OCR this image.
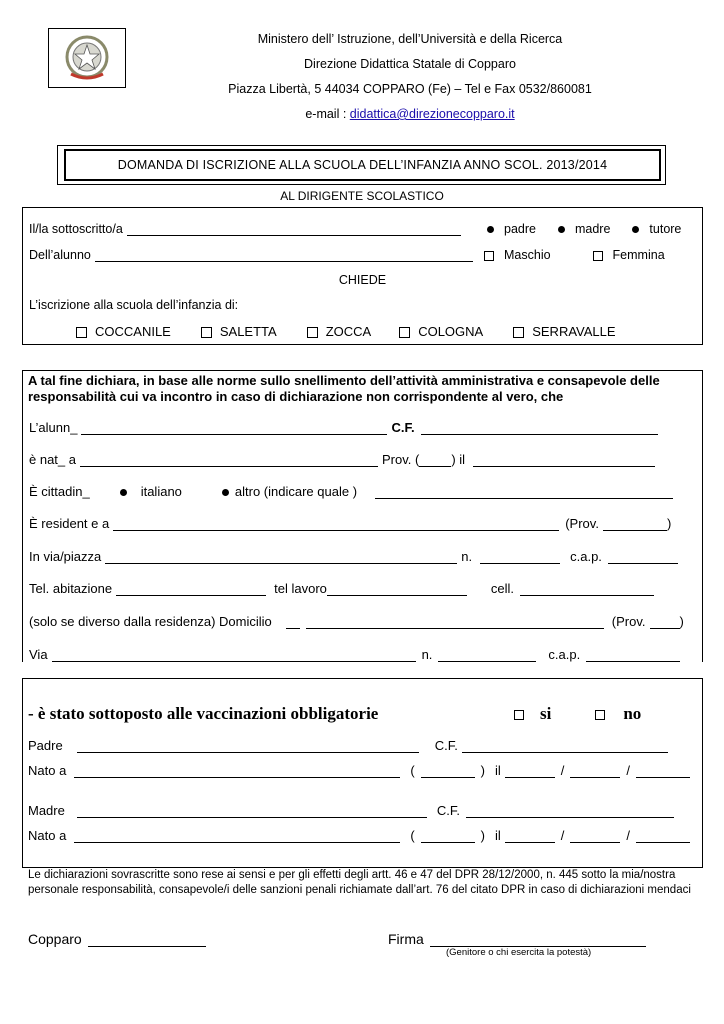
Ministero dell’ Istruzione, dell’Università e della Ricerca
Direzione Didattica Statale di Copparo
Piazza Libertà, 5 44034 COPPARO (Fe) – Tel e Fax 0532/860081
e-mail : didattica@direzionecopparo.it
DOMANDA DI ISCRIZIONE ALLA SCUOLA DELL’INFANZIA ANNO SCOL. 2013/2014
AL DIRIGENTE SCOLASTICO
Il/la sottoscritto/a	padre	madre	tutore
Dell’alunno	Maschio	Femmina
CHIEDE
L’iscrizione alla scuola dell’infanzia di:
COCCANILE	SALETTA	ZOCCA	COLOGNA	SERRAVALLE
A tal fine dichiara, in base alle norme sullo snellimento dell’attività amministrativa e consapevole delle responsabilità cui va incontro in caso di dichiarazione non corrispondente al vero, che
L’alunn_	C.F.
è nat_ a	Prov. ( ) il
È cittadin_	italiano	altro (indicare quale )
È resident e a	(Prov.	)
In via/piazza	n.	c.a.p.
Tel. abitazione	tel lavoro	cell.
(solo se diverso dalla residenza) Domicilio	(Prov.	)
Via	n.	c.a.p.
- è stato sottoposto alle vaccinazioni obbligatorie	si	no
Padre	C.F.
Nato a	(	) il	/	/
Madre	C.F.
Nato a	(	) il	/	/
Le dichiarazioni sovrascritte sono rese ai sensi e per gli effetti degli artt. 46 e 47 del DPR 28/12/2000, n. 445 sotto la mia/nostra personale responsabilità, consapevole/i delle sanzioni penali richiamate dall’art. 76 del citato DPR in caso di dichiarazioni mendaci
Copparo	Firma
(Genitore o chi esercita la potestà)
